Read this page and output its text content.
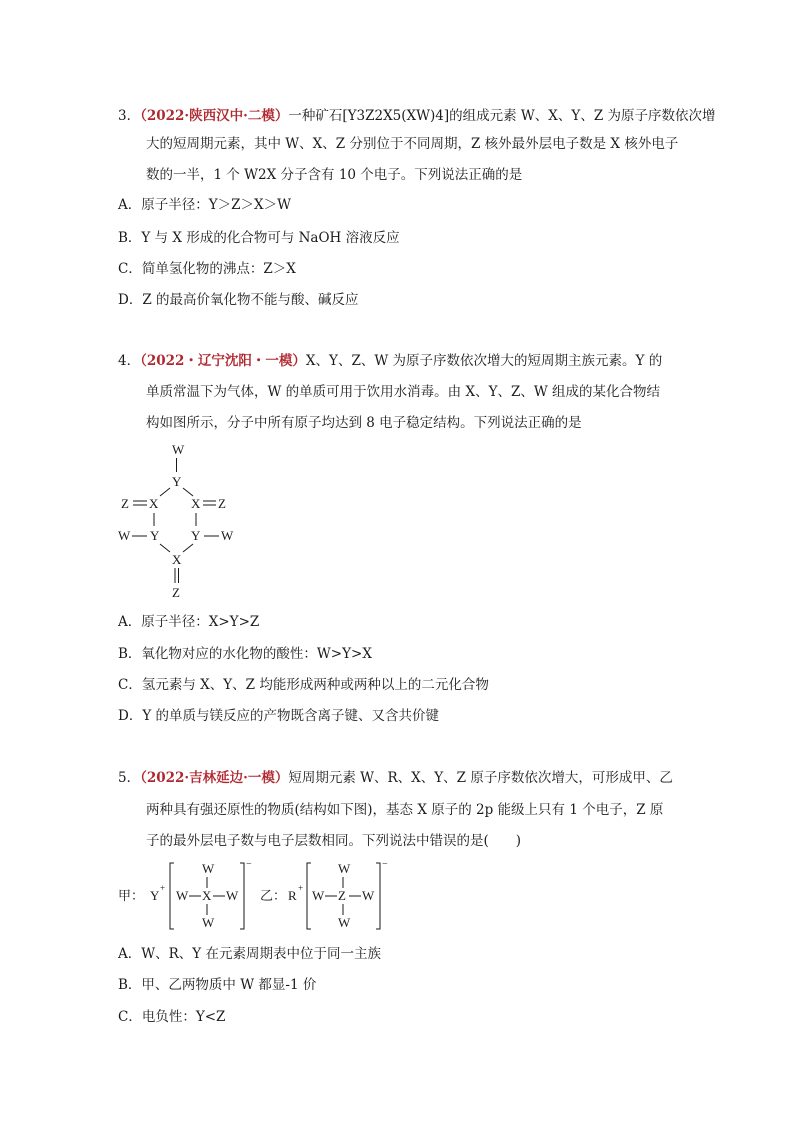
3．（2022·陕西汉中·二模）一种矿石[Y3Z2X5(XW)4]的组成元素 W、X、Y、Z 为原子序数依次增
大的短周期元素，其中 W、X、Z 分别位于不同周期，Z 核外最外层电子数是 X 核外电子
数的一半，1 个 W2X 分子含有 10 个电子。下列说法正确的是
A．原子半径：Y＞Z＞X＞W
B．Y 与 X 形成的化合物可与 NaOH 溶液反应
C．简单氢化物的沸点：Z＞X
D．Z 的最高价氧化物不能与酸、碱反应
4．（2022・辽宁沈阳・一模）X、Y、Z、W 为原子序数依次增大的短周期主族元素。Y 的
单质常温下为气体，W 的单质可用于饮用水消毒。由 X、Y、Z、W 组成的某化合物结
构如图所示，分子中所有原子均达到 8 电子稳定结构。下列说法正确的是
W
Y
Z X	X Z
Y Y
W	W
X
Z
A．原子半径：X>Y>Z
B．氧化物对应的水化物的酸性：W>Y>X
C．氢元素与 X、Y、Z 均能形成两种或两种以上的二元化合物
D．Y 的单质与镁反应的产物既含离子键、又含共价键
5．（2022·吉林延边·一模）短周期元素 W、R、X、Y、Z 原子序数依次增大，可形成甲、乙
两种具有强还原性的物质(结构如下图)，基态 X 原子的 2p 能级上只有 1 个电子，Z 原
子的最外层电子数与电子层数相同。下列说法中错误的是(　　)
甲： Y +
−
W
W X W
W
乙： R +
−
W
W Z W
W
A．W、R、Y 在元素周期表中位于同一主族
B．甲、乙两物质中 W 都显-1 价
C．电负性：Y<Z
